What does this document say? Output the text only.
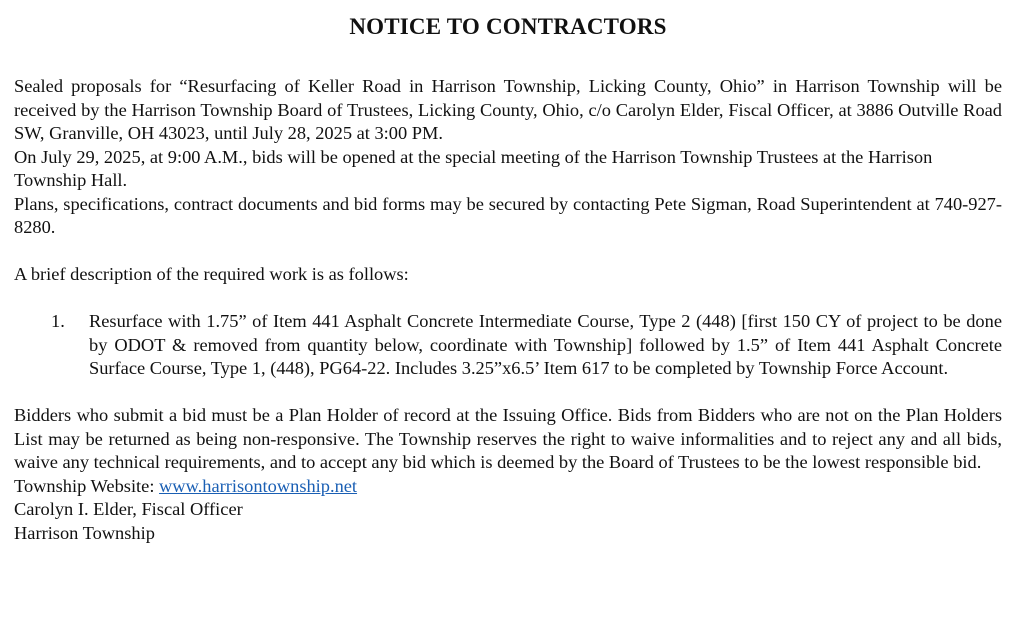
NOTICE TO CONTRACTORS

Sealed proposals for “Resurfacing of Keller Road in Harrison Township, Licking County, Ohio” in Harrison Township will be received by the Harrison Township Board of Trustees, Licking County, Ohio, c/o Carolyn Elder, Fiscal Officer, at 3886 Outville Road SW, Granville, OH 43023, until July 28, 2025 at 3:00 PM.

On July 29, 2025, at 9:00 A.M., bids will be opened at the special meeting of the Harrison Township Trustees at the Harrison Township Hall.

Plans, specifications, contract documents and bid forms may be secured by contacting Pete Sigman, Road Superintendent at 740-927-8280.

A brief description of the required work is as follows:

1.	Resurface with 1.75” of Item 441 Asphalt Concrete Intermediate Course, Type 2 (448) [first 150 CY of project to be done by ODOT & removed from quantity below, coordinate with Township] followed by 1.5” of Item 441 Asphalt Concrete Surface Course, Type 1, (448), PG64-22. Includes 3.25”x6.5’ Item 617 to be completed by Township Force Account.

Bidders who submit a bid must be a Plan Holder of record at the Issuing Office. Bids from Bidders who are not on the Plan Holders List may be returned as being non-responsive. The Township reserves the right to waive informalities and to reject any and all bids, waive any technical requirements, and to accept any bid which is deemed by the Board of Trustees to be the lowest responsible bid.

Township Website: www.harrisontownship.net

Carolyn I. Elder, Fiscal Officer

Harrison Township
